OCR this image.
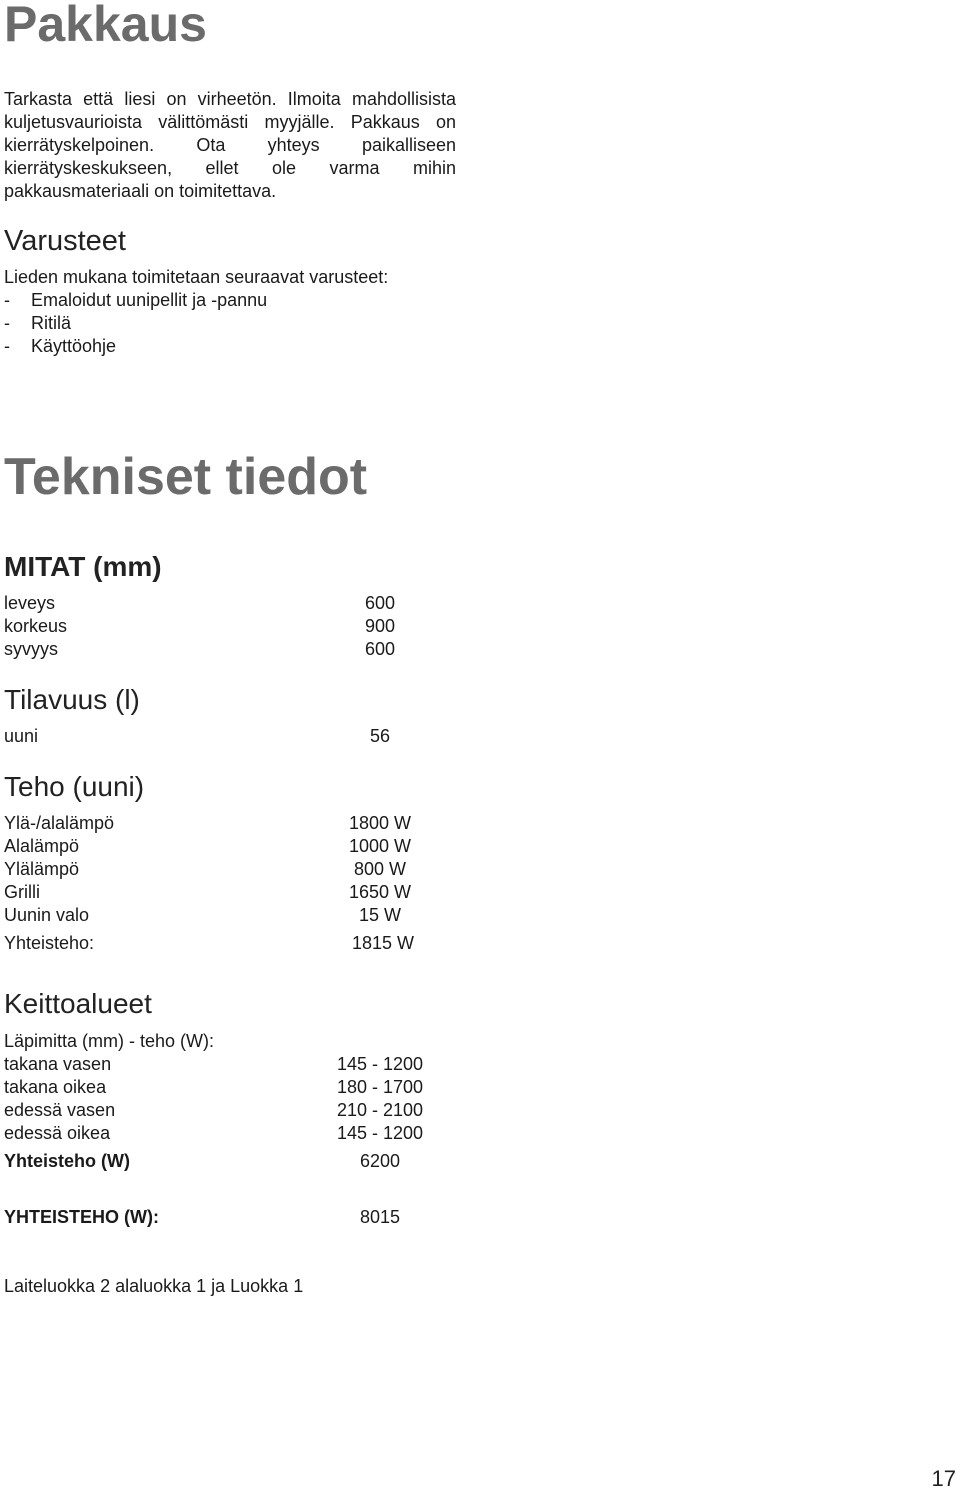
Pakkaus
Tarkasta että liesi on virheetön. Ilmoita mahdollisista
kuljetusvaurioista välittömästi myyjälle. Pakkaus on
kierrätyskelpoinen. Ota yhteys paikalliseen
kierrätyskeskukseen, ellet ole varma mihin
pakkausmateriaali on toimitettava.
Varusteet
Lieden mukana toimitetaan seuraavat varusteet:
- Emaloidut uunipellit ja -pannu
- Ritilä
- Käyttöohje
Tekniset tiedot
MITAT (mm)
leveys	600
korkeus	900
syvyys	600
Tilavuus (l)
uuni	56
Teho (uuni)
Ylä-/alalämpö	1800 W
Alalämpö	1000 W
Ylälämpö	800 W
Grilli	1650 W
Uunin valo	15 W
Yhteisteho:	1815 W
Keittoalueet
Läpimitta (mm) - teho (W):
takana vasen	145 - 1200
takana oikea	180 - 1700
edessä vasen	210 - 2100
edessä oikea	145 - 1200
Yhteisteho (W)	6200
YHTEISTEHO (W):	8015
Laiteluokka 2 alaluokka 1 ja Luokka 1
17
